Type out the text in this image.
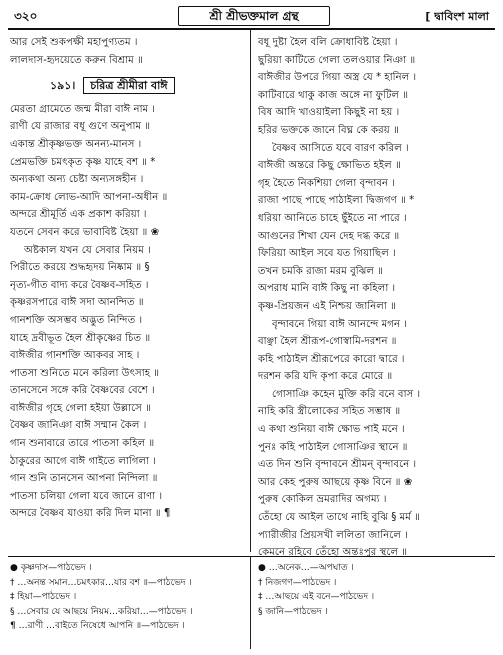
৩২০	শ্রী শ্রীভক্তমাল গ্রন্থ	[ দ্বাবিংশ মালা
আর সেই শুকপক্ষী মহাপুণ্যতম ।
লালদাস-হৃদয়েতে করুন বিশ্রাম ॥
১৯১। চরিত্র শ্রীমীরা বাঈ
মেরতা গ্রামেতে জন্ম মীরা বাঈ নাম ।
রাণী যে রাজার বধূ গুণে অনুপাম ॥
একান্ত শ্রীকৃষ্ণভক্ত অনন্য-মানস ।
প্রেমভক্তি চমৎকৃত কৃষ্ণ যাহে বশ ॥ *
অন্যকথা অন্য চেষ্টা অন্যসঙ্গহীন ।
কাম-ক্রোধ লোভ-আদি আপনা-অধীন ॥
অন্দরে শ্রীমূর্তি এক প্রকাশ করিয়া ।
যতনে সেবন করে ভাবাবিষ্ট হৈয়া ॥ ❀
অষ্টকাল যখন যে সেবার নিয়ম ।
পিরীতে করয়ে শুদ্ধহৃদয় নিষ্কাম ॥ §
নৃত্য-গীত বাদ্য করে বৈষ্ণব-সহিত ।
কৃষ্ণরসপারে বাঈ সদা আনন্দিত ॥
গানশক্তি অসম্ভব অদ্ভুত নিন্দিত ।
যাহে দ্রবীভূত হৈল শ্রীকৃষ্ণের চিত ॥
বাঈজীর গানশক্তি আকবর সাহ ।
পাতসা শুনিতে মনে করিলা উৎসাহ ॥
তানসেনে সঙ্গে করি বৈষ্ণবের বেশে ।
বাঈজীর গৃহে গেলা হইয়া উল্লাসে ॥
বৈষ্ণব জানিঞা বাঈ সম্মান কৈল ।
গান শুনাবারে তারে পাতসা কহিল ॥
ঠাকুরের আগে বাঈ গাইতে লাগিলা ।
গান শুনি তানসেন আপনা নিন্দিলা ॥
পাতসা চলিয়া গেলা যবে জানে রাণা ।
অন্দরে বৈষ্ণব যাওয়া করি দিল মানা ॥ ¶
বধূ দুষ্টা হৈল বলি ক্রোধাবিষ্ট হৈয়া ।
ছুরিয়া কাটিতে গেলা তলওয়ার নিঞা ॥
বাঈজীর উপরে গিয়া অস্ত্র যে * হানিল ।
কাটিবারে থাকু কাজ অঙ্গে না ফুটিল ॥
বিষ আদি খাওয়াইলা কিছুই না হয় ।
হরির ভক্তকে জানে বিঘ্ন কে করয় ॥
বৈষ্ণব আসিতে যবে বারণ করিল ।
বাঈজী অন্তরে কিছু ক্ষোভিত হইল ॥
গৃহ হৈতে নিকশিয়া গেলা বৃন্দাবন ।
রাজা পাছে পাছে পাঠাইলা দ্বিজগণ ॥ *
ধরিয়া আনিতে চাহে ছুঁইতে না পারে ।
আগুনের শিখা যেন দেহ দগ্ধ করে ॥
ফিরিয়া আইল সবে যত গিয়াছিল ।
তখন চমকি রাজা মরম বুঝিল ॥
অপরাধ মানি বাঈ কিছু না কহিলা ।
কৃষ্ণ-প্রিয়জন এই নিশ্চয় জানিলা ॥
বৃন্দাবনে গিয়া বাঈ আনন্দে মগন ।
বাঞ্ছা হৈল শ্রীরূপ-গোস্বামি-দরশন ॥
কহি পাঠাইল শ্রীরূপেরে কারো দ্বারে ।
দরশন করি যদি কৃপা করে মোরে ॥
গোসাঞি কহেন মুক্তি করি বনে বাস ।
নাহি করি স্ত্রীলোকের সহিত সম্ভাষ ॥
এ কথা শুনিয়া বাঈ ক্ষোভ পাই মনে ।
পুনঃ কহি পাঠাইল গোসাঞির স্থানে ॥
এত দিন শুনি বৃন্দাবনে শ্রীমন্ বৃন্দাবনে ।
আর কেহ পুরুষ আছয়ে কৃষ্ণ বিনে ॥ ❀
পুরুষ কোকিল ভ্রমরাদির অগম্য ।
তেঁহো যে আইল তাথে নাহি বুঝি § মর্ম ॥
প্যারীজীর প্রিয়সখী ললিতা জানিলে ।
কেমনে রহিবে তেঁহো অন্তঃপুর স্থলে ॥
● কৃষ্ণদাস—পাঠভেদ ।
† …অনন্ত সমান…চমৎকার…যার বশ ॥—পাঠভেদ ।
‡ হিয়া—পাঠভেদ ।
§ …সেবার যে আছয়ে নিয়ম…করিয়া…—পাঠভেদ ।
¶ …রাণী …বাইতে নিষেধে আপনি ॥—পাঠভেদ ।
● …অনেক…—অপঘাত ।
† নিজগণ—পাঠভেদ ।
‡ …আছয়ে এই বনে—পাঠভেদ ।
§ জানি—পাঠভেদ ।
